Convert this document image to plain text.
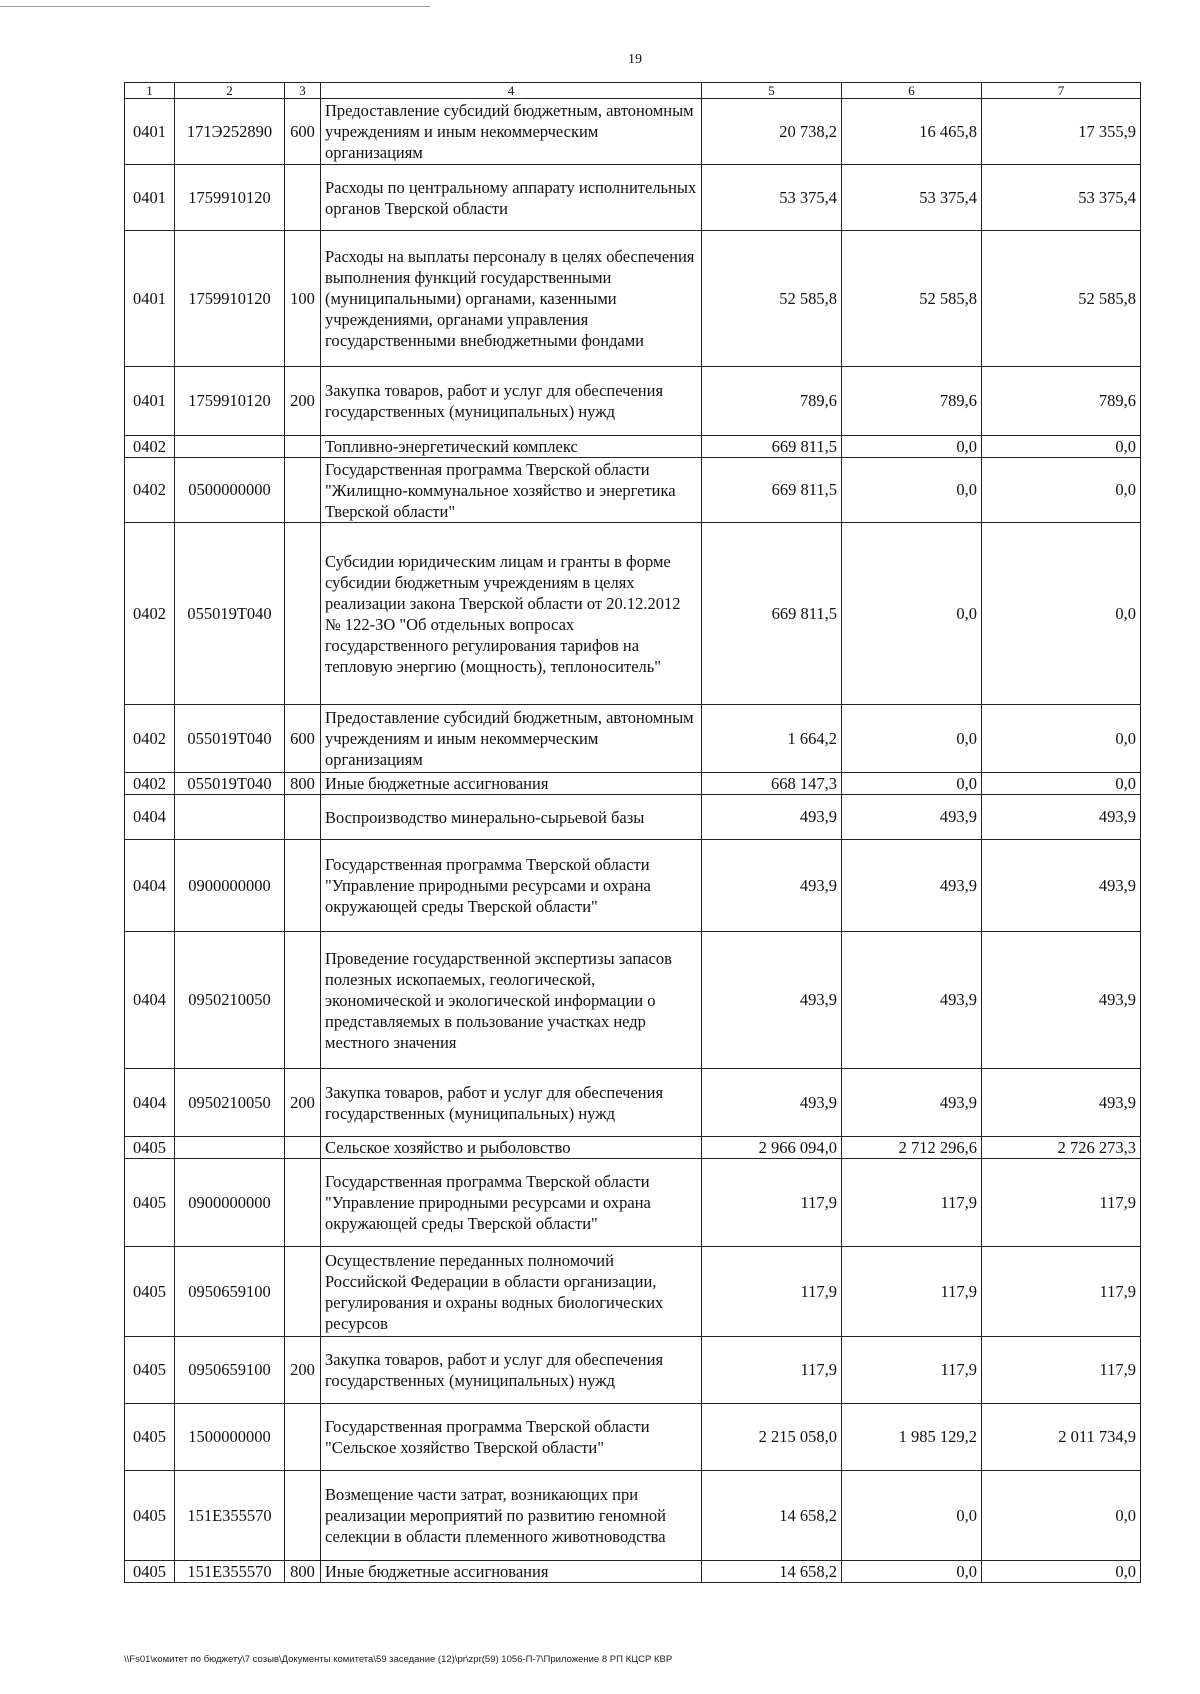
19
1	2	3	4	5	6	7
0401	171Э252890	600	Предоставление субсидий бюджетным, автономным учреждениям и иным некоммерческим организациям	20 738,2	16 465,8	17 355,9
0401	1759910120		Расходы по центральному аппарату исполнительных органов Тверской области	53 375,4	53 375,4	53 375,4
0401	1759910120	100	Расходы на выплаты персоналу в целях обеспечения выполнения функций государственными (муниципальными) органами, казенными учреждениями, органами управления государственными внебюджетными фондами	52 585,8	52 585,8	52 585,8
0401	1759910120	200	Закупка товаров, работ и услуг для обеспечения государственных (муниципальных) нужд	789,6	789,6	789,6
0402			Топливно-энергетический комплекс	669 811,5	0,0	0,0
0402	0500000000		Государственная программа Тверской области "Жилищно-коммунальное хозяйство и энергетика Тверской области"	669 811,5	0,0	0,0
0402	055019Т040		Субсидии юридическим лицам и гранты в форме субсидии бюджетным учреждениям в целях реализации закона Тверской области от 20.12.2012 № 122-ЗО "Об отдельных вопросах государственного регулирования тарифов на тепловую энергию (мощность), теплоноситель"	669 811,5	0,0	0,0
0402	055019Т040	600	Предоставление субсидий бюджетным, автономным учреждениям и иным некоммерческим организациям	1 664,2	0,0	0,0
0402	055019Т040	800	Иные бюджетные ассигнования	668 147,3	0,0	0,0
0404			Воспроизводство минерально-сырьевой базы	493,9	493,9	493,9
0404	0900000000		Государственная программа Тверской области "Управление природными ресурсами и охрана окружающей среды Тверской области"	493,9	493,9	493,9
0404	0950210050		Проведение государственной экспертизы запасов полезных ископаемых, геологической, экономической и экологической информации о представляемых в пользование участках недр местного значения	493,9	493,9	493,9
0404	0950210050	200	Закупка товаров, работ и услуг для обеспечения государственных (муниципальных) нужд	493,9	493,9	493,9
0405			Сельское хозяйство и рыболовство	2 966 094,0	2 712 296,6	2 726 273,3
0405	0900000000		Государственная программа Тверской области "Управление природными ресурсами и охрана окружающей среды Тверской области"	117,9	117,9	117,9
0405	0950659100		Осуществление переданных полномочий Российской Федерации в области организации, регулирования и охраны водных биологических ресурсов	117,9	117,9	117,9
0405	0950659100	200	Закупка товаров, работ и услуг для обеспечения государственных (муниципальных) нужд	117,9	117,9	117,9
0405	1500000000		Государственная программа Тверской области "Сельское хозяйство Тверской области"	2 215 058,0	1 985 129,2	2 011 734,9
0405	151Е355570		Возмещение части затрат, возникающих при реализации мероприятий по развитию геномной селекции в области племенного животноводства	14 658,2	0,0	0,0
0405	151Е355570	800	Иные бюджетные ассигнования	14 658,2	0,0	0,0
\\Fs01\комитет по бюджету\7 созыв\Документы комитета\59 заседание (12)\pr\zpr(59) 1056-П-7\Приложение 8 РП КЦСР КВР
